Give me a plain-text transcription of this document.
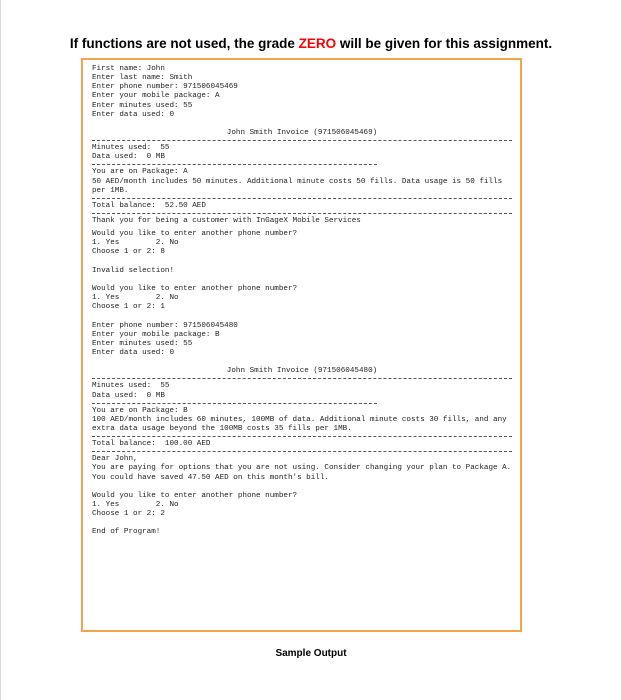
If functions are not used, the grade ZERO will be given for this assignment.
First name: John
Enter last name: Smith
Enter phone number: 971506045469
Enter your mobile package: A
Enter minutes used: 55
Enter data used: 0
John Smith Invoice (971506045469)
Minutes used:  55
Data used:  0 MB
You are on Package: A
50 AED/month includes 50 minutes. Additional minute costs 50 fills. Data usage is 50 fills per 1MB.
Total balance:  52.50 AED
Thank you for being a customer with InGageX Mobile Services
Would you like to enter another phone number?
1. Yes        2. No
Choose 1 or 2: 8
Invalid selection!
Would you like to enter another phone number?
1. Yes        2. No
Choose 1 or 2: 1
Enter phone number: 971506045480
Enter your mobile package: B
Enter minutes used: 55
Enter data used: 0
John Smith Invoice (971506045480)
Minutes used:  55
Data used:  0 MB
You are on Package: B
100 AED/month includes 60 minutes, 100MB of data. Additional minute costs 30 fills, and any extra data usage beyond the 100MB costs 35 fills per 1MB.
Total balance:  100.00 AED
Dear John,
You are paying for options that you are not using. Consider changing your plan to Package A. You could have saved 47.50 AED on this month's bill.
Would you like to enter another phone number?
1. Yes        2. No
Choose 1 or 2: 2
End of Program!
Sample Output
